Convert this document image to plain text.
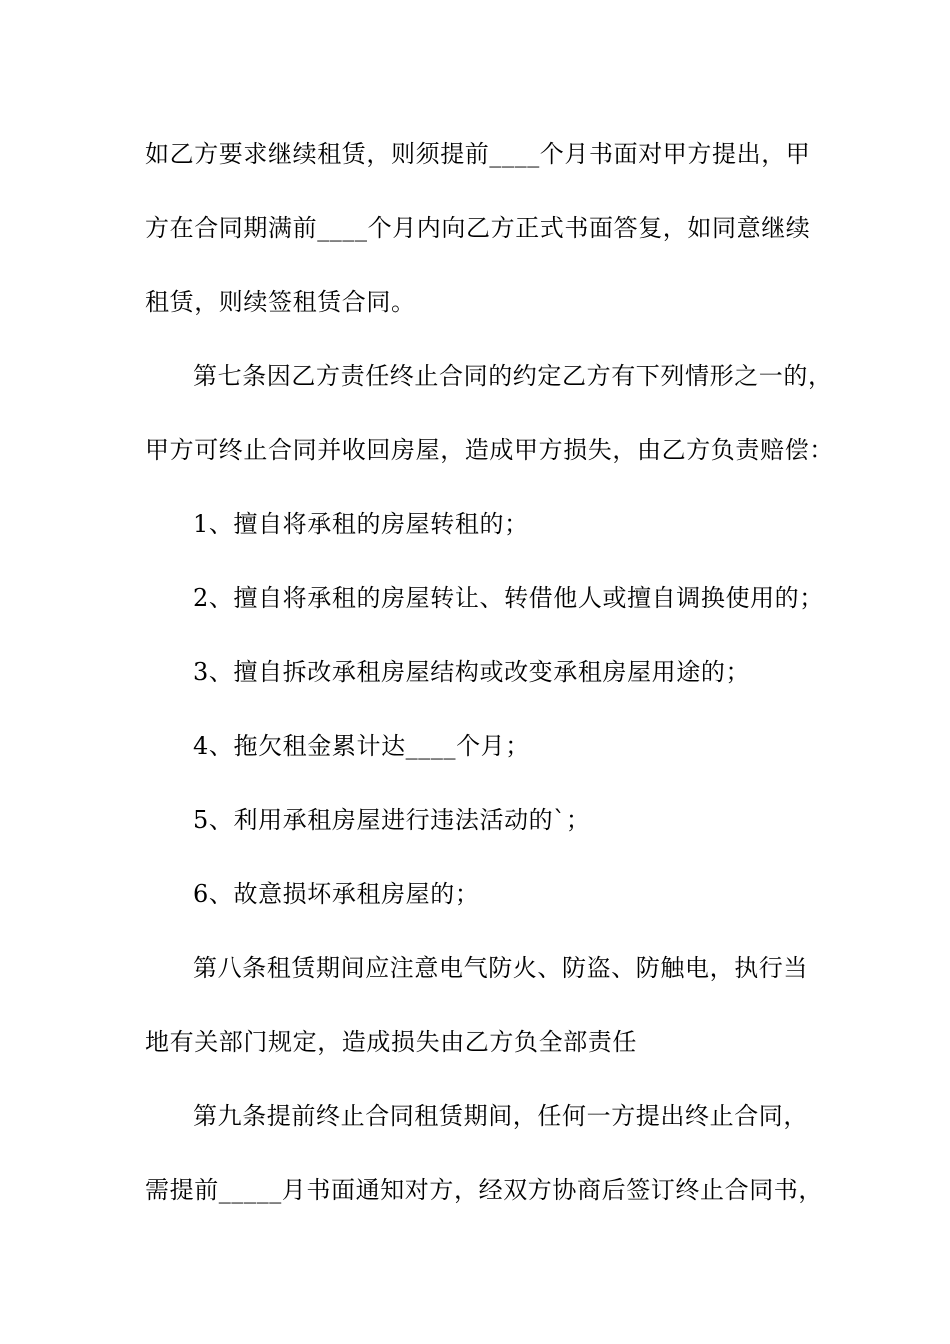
如乙方要求继续租赁，则须提前____个月书面对甲方提出，甲
方在合同期满前____个月内向乙方正式书面答复，如同意继续
租赁，则续签租赁合同。
第七条因乙方责任终止合同的约定乙方有下列情形之一的，
甲方可终止合同并收回房屋，造成甲方损失，由乙方负责赔偿：
1、擅自将承租的房屋转租的；
2、擅自将承租的房屋转让、转借他人或擅自调换使用的；
3、擅自拆改承租房屋结构或改变承租房屋用途的；
4、拖欠租金累计达____个月；
5、利用承租房屋进行违法活动的`；
6、故意损坏承租房屋的；
第八条租赁期间应注意电气防火、防盗、防触电，执行当
地有关部门规定，造成损失由乙方负全部责任
第九条提前终止合同租赁期间，任何一方提出终止合同，
需提前_____月书面通知对方，经双方协商后签订终止合同书，
